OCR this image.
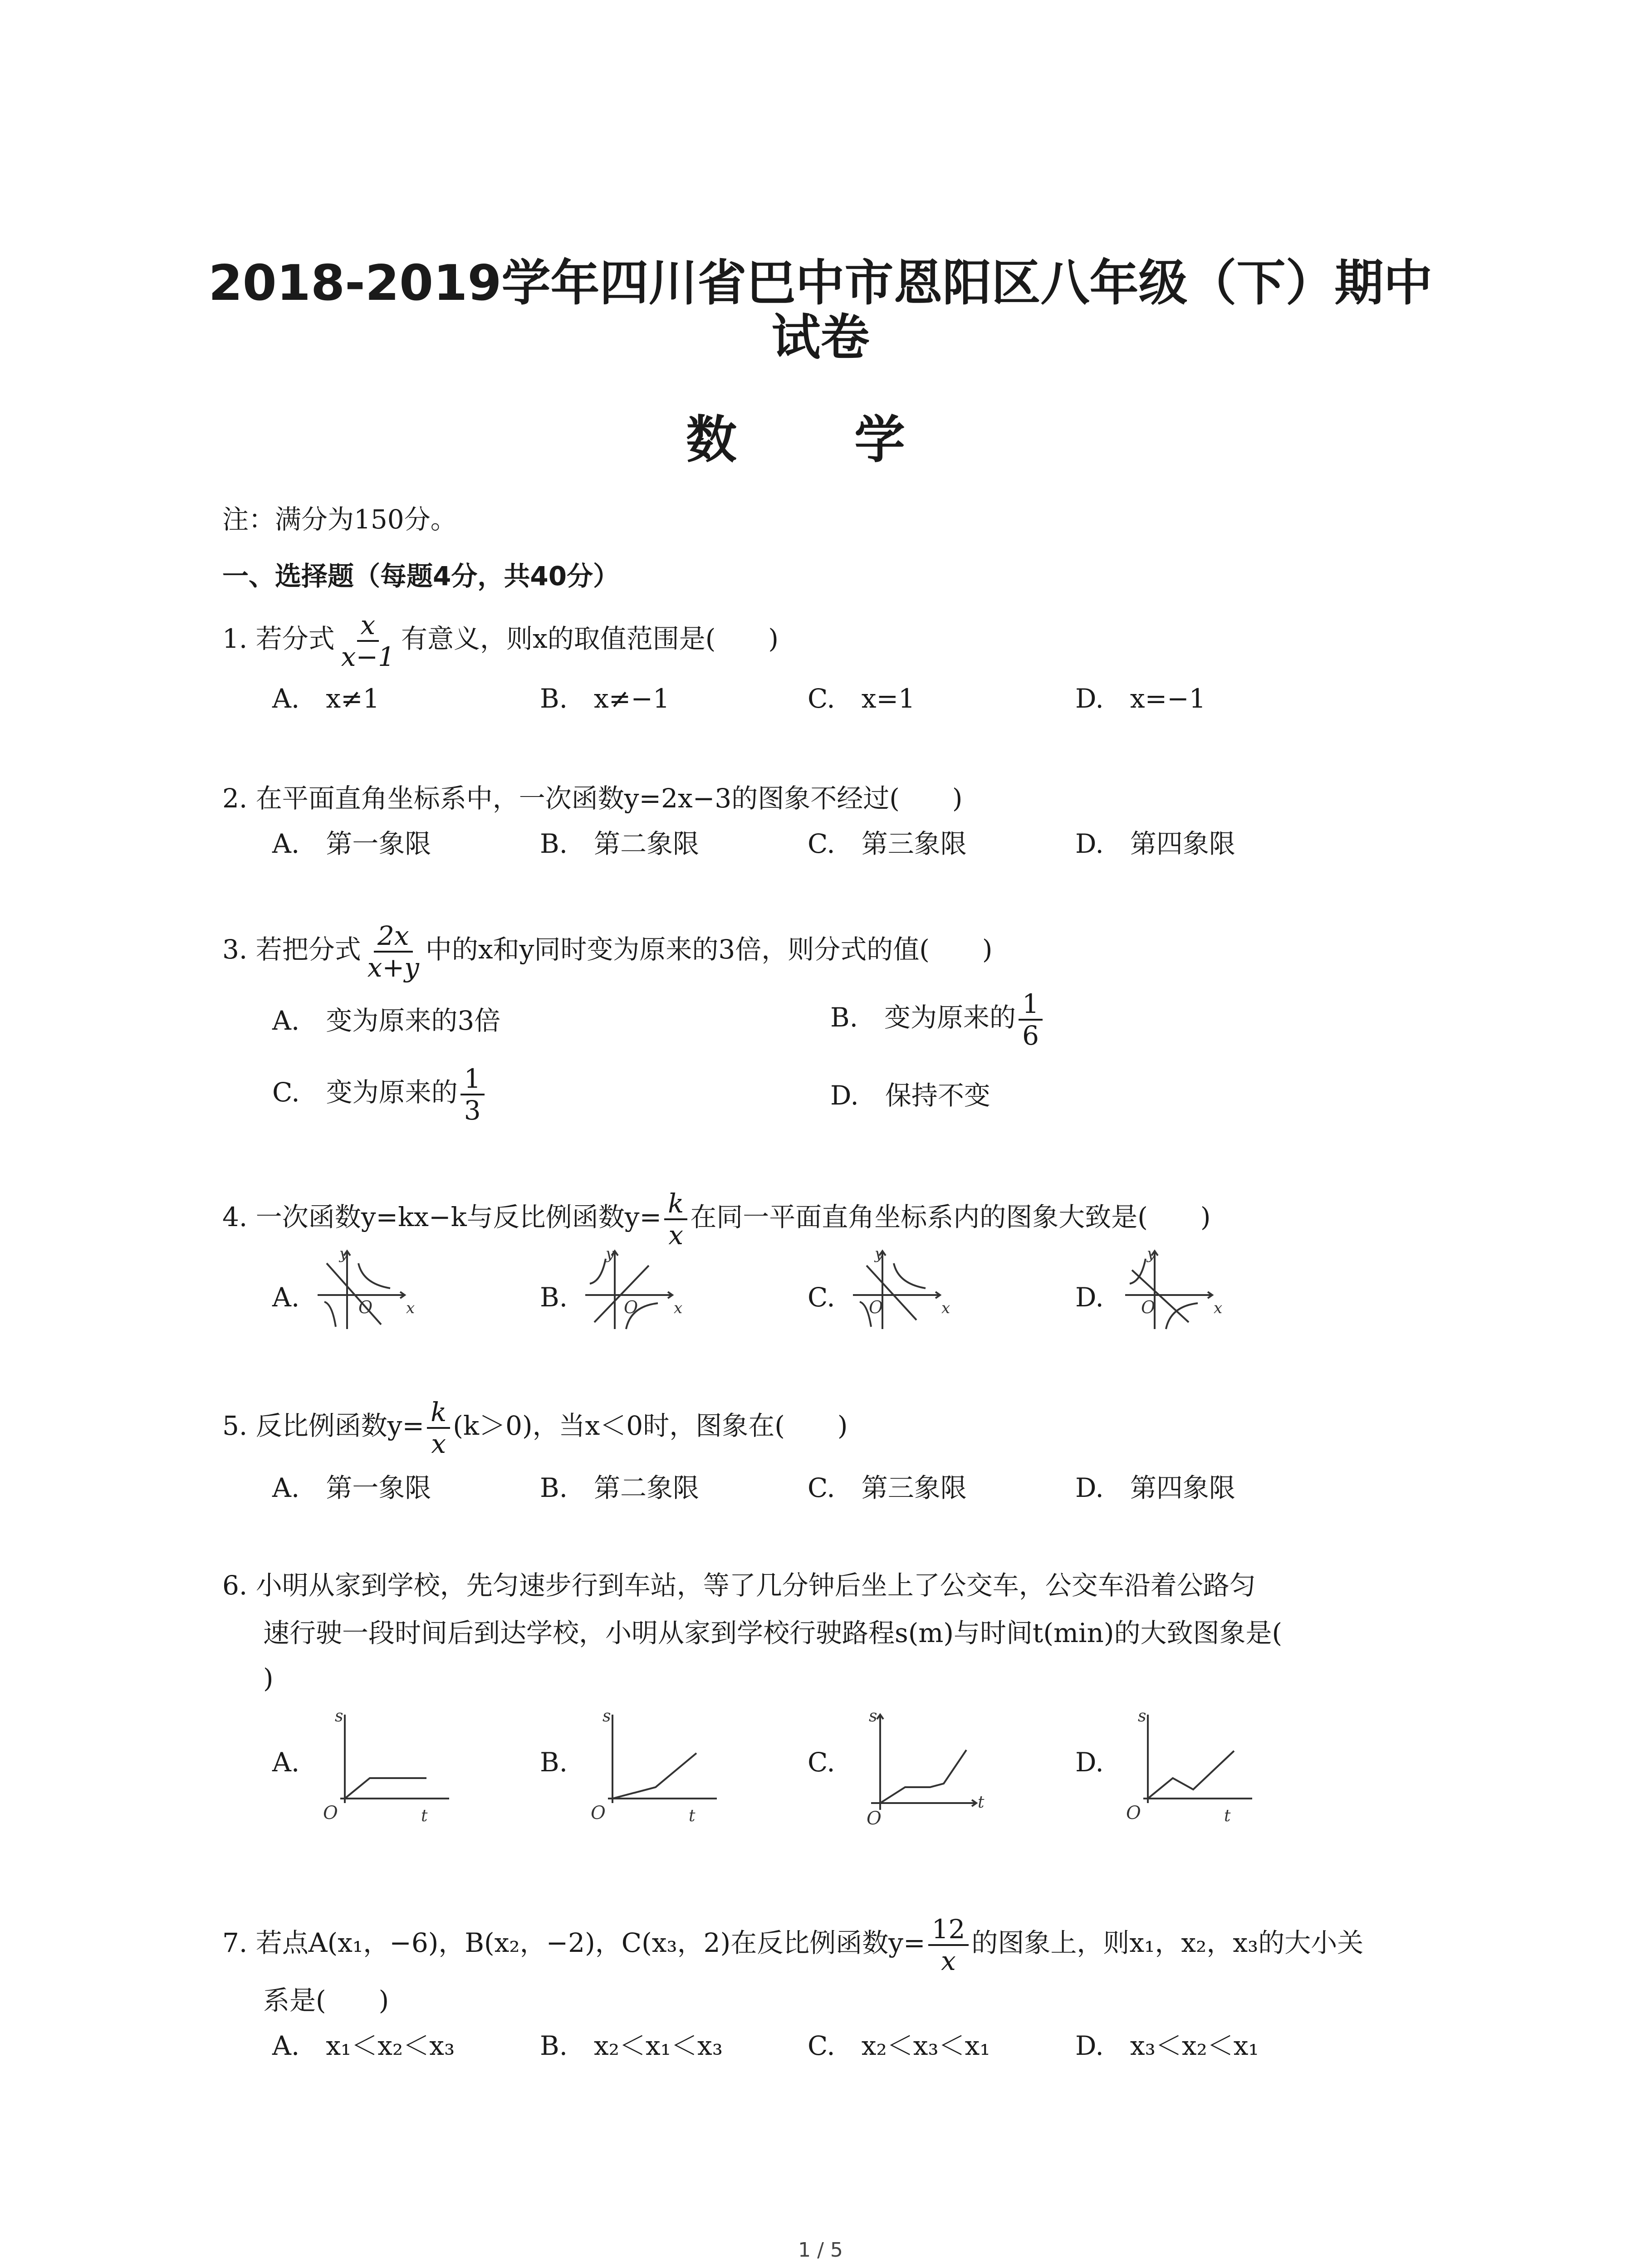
2018-2019学年四川省巴中市恩阳区八年级（下）期中
试卷
数 学
注：满分为150分。
一、选择题（每题4分，共40分）
1. 若分式 $\frac{x}{x-1}$ 有意义，则x的取值范围是(　　)
A.　x≠1	B.　x≠−1	C.　x=1	D.　x=−1
2. 在平面直角坐标系中，一次函数y=2x−3的图象不经过(　　)
A.　第一象限	B.　第二象限	C.　第三象限	D.　第四象限
3. 若把分式 $\frac{2x}{x+y}$ 中的x和y同时变为原来的3倍，则分式的值(　　)
A.　变为原来的3倍	B.　变为原来的 $\frac{1}{6}$
C.　变为原来的 $\frac{1}{3}$	D.　保持不变
4. 一次函数y=kx−k与反比例函数$y= \frac{k}{x}$ 在同一平面直角坐标系内的图象大致是(　　)
A.	B.	C.	D.
y
x
O
y
x
O
y
x
O
y
x
O
5. 反比例函数$y= \frac{k}{x} (k>0)$，当x＜0时，图象在(　　)
A.　第一象限	B.　第二象限	C.　第三象限	D.　第四象限
6. 小明从家到学校，先匀速步行到车站，等了几分钟后坐上了公交车，公交车沿着公路匀
速行驶一段时间后到达学校，小明从家到学校行驶路程s(m)与时间t(min)的大致图象是(
)
A.	B.	C.	D.
s
t
O
s
t
O
s
t
O
s
t
O
7. 若点A(x₁，−6)，B(x₂，−2)，C(x₃，2)在反比例函数$y= \frac{12}{x}$ 的图象上，则x₁，x₂，x₃的大小关
系是(　　)
A.　x₁＜x₂＜x₃	B.　x₂＜x₁＜x₃	C.　x₂＜x₃＜x₁	D.　x₃＜x₂＜x₁
1 / 5
